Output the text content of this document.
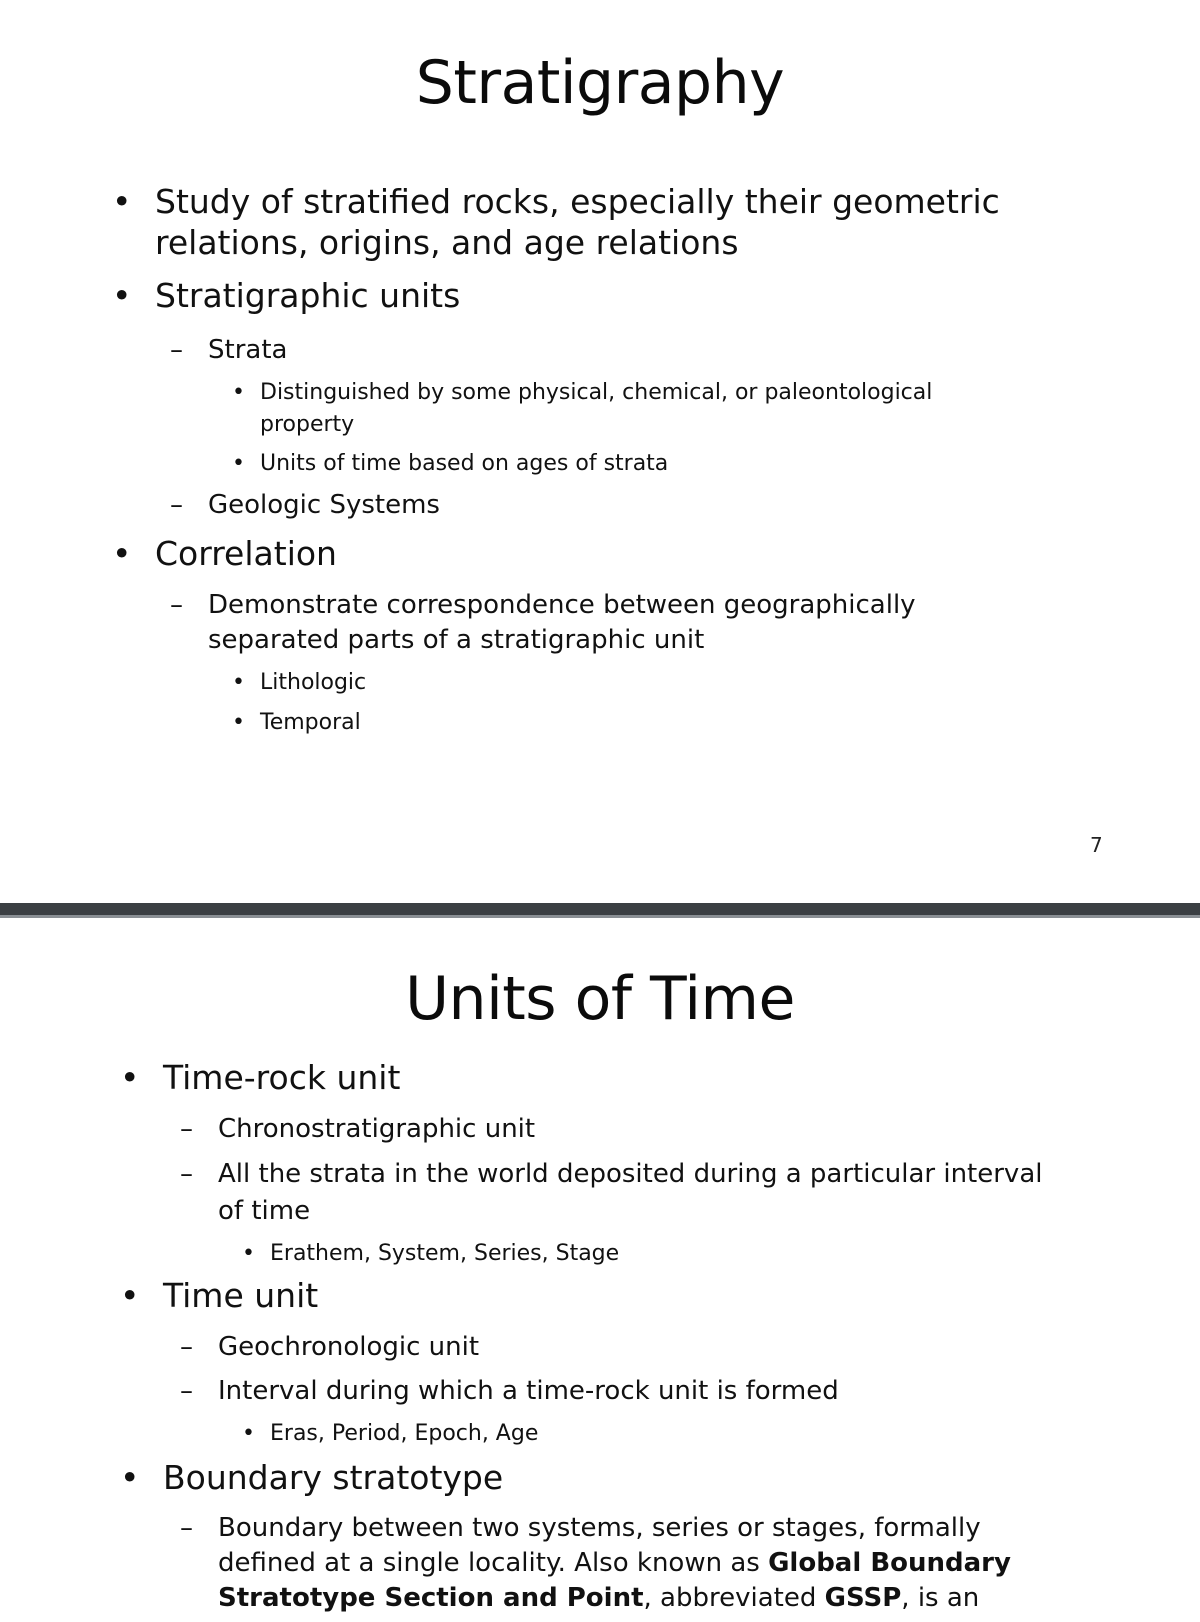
Stratigraphy
• Study of stratified rocks, especially their geometric

relations, origins, and age relations

• Stratigraphic units

– Strata

• Distinguished by some physical, chemical, or paleontological

property

• Units of time based on ages of strata

– Geologic Systems

• Correlation

– Demonstrate correspondence between geographically

separated parts of a stratigraphic unit

• Lithologic

• Temporal

7
Units of Time
• Time-rock unit

– Chronostratigraphic unit

– All the strata in the world deposited during a particular interval

of time

• Erathem, System, Series, Stage

• Time unit

– Geochronologic unit

– Interval during which a time-rock unit is formed

• Eras, Period, Epoch, Age

• Boundary stratotype

– Boundary between two systems, series or stages, formally

defined at a single locality. Also known as Global Boundary

Stratotype Section and Point, abbreviated GSSP, is an
